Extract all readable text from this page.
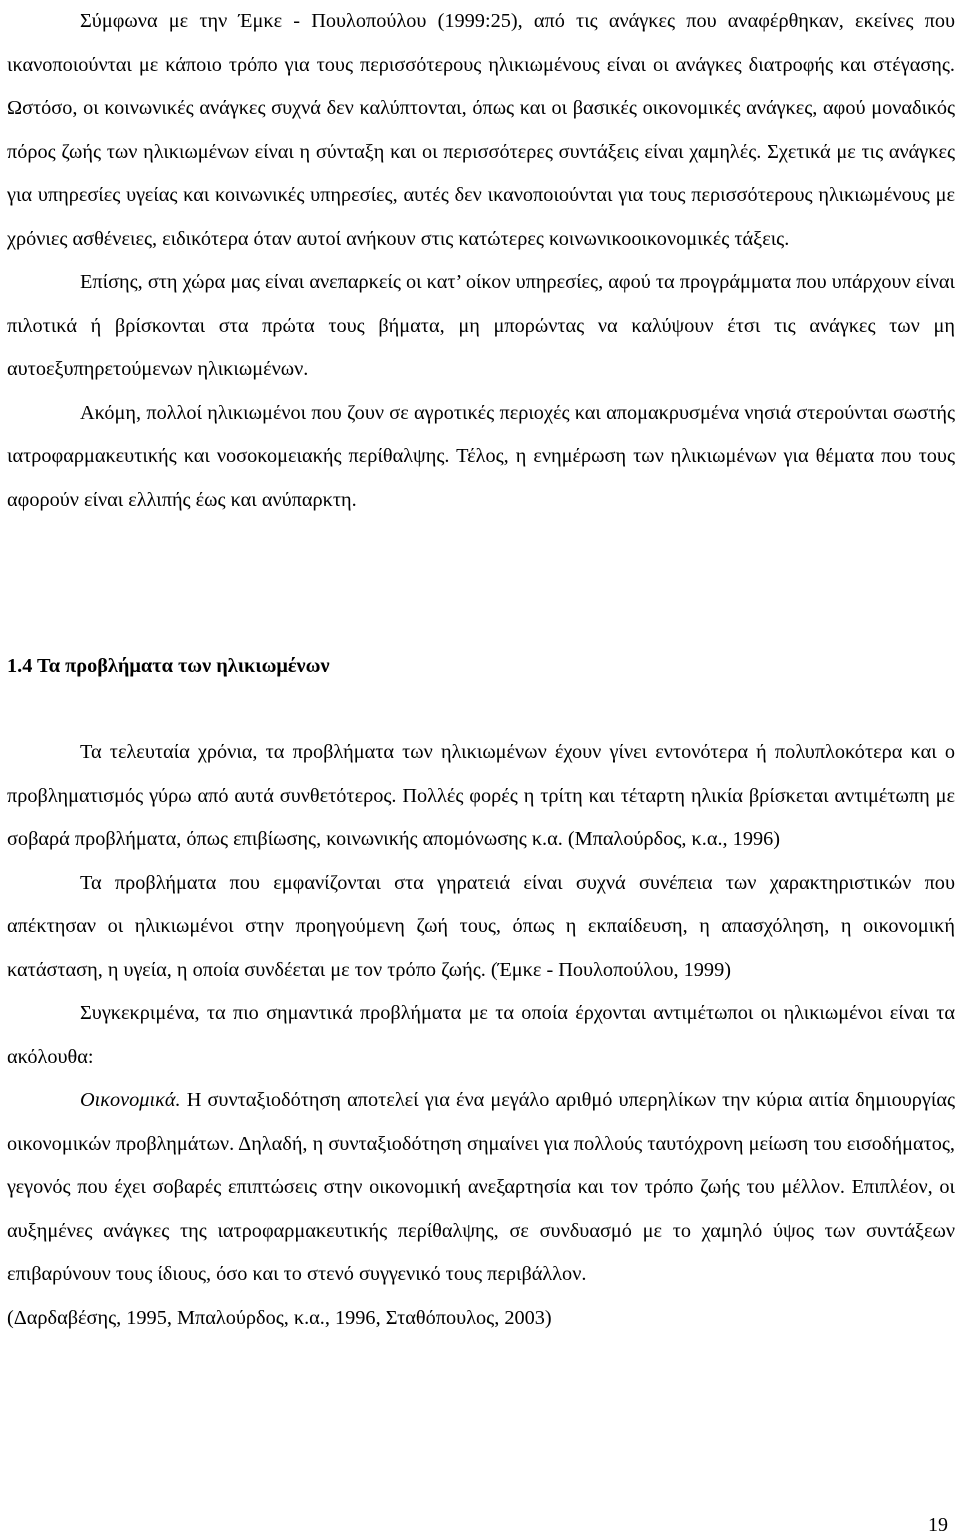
Σύμφωνα με την Έμκε - Πουλοπούλου (1999:25), από τις ανάγκες που αναφέρθηκαν, εκείνες που ικανοποιούνται με κάποιο τρόπο για τους περισσότερους ηλικιωμένους είναι οι ανάγκες διατροφής και στέγασης. Ωστόσο, οι κοινωνικές ανάγκες συχνά δεν καλύπτονται, όπως και οι βασικές οικονομικές ανάγκες, αφού μοναδικός πόρος ζωής των ηλικιωμένων είναι η σύνταξη και οι περισσότερες συντάξεις είναι χαμηλές. Σχετικά με τις ανάγκες για υπηρεσίες υγείας και κοινωνικές υπηρεσίες, αυτές δεν ικανοποιούνται για τους περισσότερους ηλικιωμένους με χρόνιες ασθένειες, ειδικότερα όταν αυτοί ανήκουν στις κατώτερες κοινωνικοοικονομικές τάξεις.

Επίσης, στη χώρα μας είναι ανεπαρκείς οι κατ’ οίκον υπηρεσίες, αφού τα προγράμματα που υπάρχουν είναι πιλοτικά ή βρίσκονται στα πρώτα τους βήματα, μη μπορώντας να καλύψουν έτσι τις ανάγκες των μη αυτοεξυπηρετούμενων ηλικιωμένων.

Ακόμη, πολλοί ηλικιωμένοι που ζουν σε αγροτικές περιοχές και απομακρυσμένα νησιά στερούνται σωστής ιατροφαρμακευτικής και νοσοκομειακής περίθαλψης. Τέλος, η ενημέρωση των ηλικιωμένων για θέματα που τους αφορούν είναι ελλιπής έως και ανύπαρκτη.

1.4 Τα προβλήματα των ηλικιωμένων

Τα τελευταία χρόνια, τα προβλήματα των ηλικιωμένων έχουν γίνει εντονότερα ή πολυπλοκότερα και ο προβληματισμός γύρω από αυτά συνθετότερος. Πολλές φορές η τρίτη και τέταρτη ηλικία βρίσκεται αντιμέτωπη με σοβαρά προβλήματα, όπως επιβίωσης, κοινωνικής απομόνωσης κ.α. (Μπαλούρδος, κ.α., 1996)

Τα προβλήματα που εμφανίζονται στα γηρατειά είναι συχνά συνέπεια των χαρακτηριστικών που απέκτησαν οι ηλικιωμένοι στην προηγούμενη ζωή τους, όπως η εκπαίδευση, η απασχόληση, η οικονομική κατάσταση, η υγεία, η οποία συνδέεται με τον τρόπο ζωής. (Έμκε - Πουλοπούλου, 1999)

Συγκεκριμένα, τα πιο σημαντικά προβλήματα με τα οποία έρχονται αντιμέτωποι οι ηλικιωμένοι είναι τα ακόλουθα:

Οικονομικά. Η συνταξιοδότηση αποτελεί για ένα μεγάλο αριθμό υπερηλίκων την κύρια αιτία δημιουργίας οικονομικών προβλημάτων. Δηλαδή, η συνταξιοδότηση σημαίνει για πολλούς ταυτόχρονη μείωση του εισοδήματος, γεγονός που έχει σοβαρές επιπτώσεις στην οικονομική ανεξαρτησία και τον τρόπο ζωής του μέλλον. Επιπλέον, οι αυξημένες ανάγκες της ιατροφαρμακευτικής περίθαλψης, σε συνδυασμό με το χαμηλό ύψος των συντάξεων επιβαρύνουν τους ίδιους, όσο και το στενό συγγενικό τους περιβάλλον.

(Δαρδαβέσης, 1995, Μπαλούρδος, κ.α., 1996, Σταθόπουλος, 2003)

19
